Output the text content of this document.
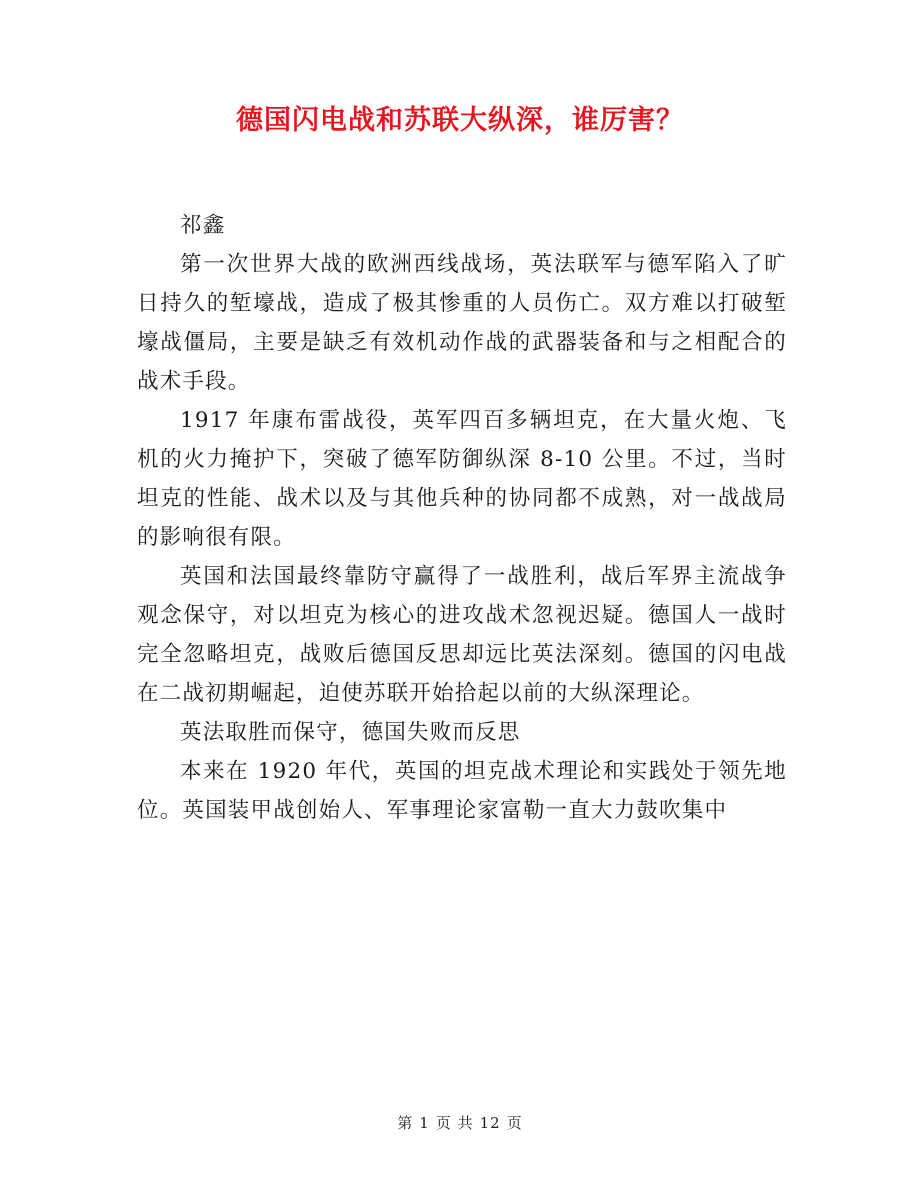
德国闪电战和苏联大纵深，谁厉害？

祁鑫

第一次世界大战的欧洲西线战场，英法联军与德军陷入了旷日持久的堑壕战，造成了极其惨重的人员伤亡。双方难以打破堑壕战僵局，主要是缺乏有效机动作战的武器装备和与之相配合的战术手段。

1917 年康布雷战役，英军四百多辆坦克，在大量火炮、飞机的火力掩护下，突破了德军防御纵深 8-10 公里。不过，当时坦克的性能、战术以及与其他兵种的协同都不成熟，对一战战局的影响很有限。

英国和法国最终靠防守赢得了一战胜利，战后军界主流战争观念保守，对以坦克为核心的进攻战术忽视迟疑。德国人一战时完全忽略坦克，战败后德国反思却远比英法深刻。德国的闪电战在二战初期崛起，迫使苏联开始拾起以前的大纵深理论。

英法取胜而保守，德国失败而反思

本来在 1920 年代，英国的坦克战术理论和实践处于领先地位。英国装甲战创始人、军事理论家富勒一直大力鼓吹集中

第 1 页 共 12 页
